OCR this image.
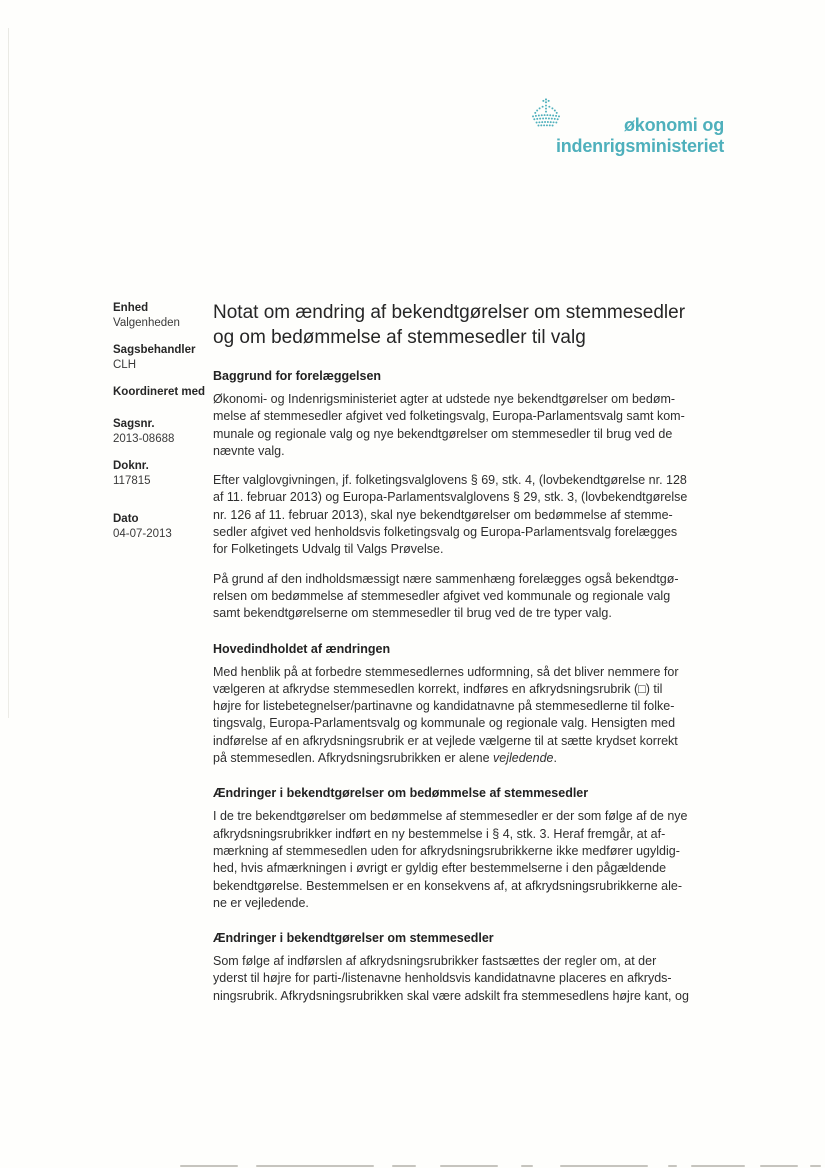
økonomi og
indenrigsministeriet
Enhed
Valgenheden
Sagsbehandler
CLH
Koordineret med
Sagsnr.
2013-08688
Doknr.
117815
Dato
04-07-2013
Notat om ændring af bekendtgørelser om stemmesedler
og om bedømmelse af stemmesedler til valg
Baggrund for forelæggelsen
Økonomi- og Indenrigsministeriet agter at udstede nye bekendtgørelser om bedøm-
melse af stemmesedler afgivet ved folketingsvalg, Europa-Parlamentsvalg samt kom-
munale og regionale valg og nye bekendtgørelser om stemmesedler til brug ved de
nævnte valg.
Efter valglovgivningen, jf. folketingsvalglovens § 69, stk. 4, (lovbekendtgørelse nr. 128
af 11. februar 2013) og Europa-Parlamentsvalglovens § 29, stk. 3, (lovbekendtgørelse
nr. 126 af 11. februar 2013), skal nye bekendtgørelser om bedømmelse af stemme-
sedler afgivet ved henholdsvis folketingsvalg og Europa-Parlamentsvalg forelægges
for Folketingets Udvalg til Valgs Prøvelse.
På grund af den indholdsmæssigt nære sammenhæng forelægges også bekendtgø-
relsen om bedømmelse af stemmesedler afgivet ved kommunale og regionale valg
samt bekendtgørelserne om stemmesedler til brug ved de tre typer valg.
Hovedindholdet af ændringen
Med henblik på at forbedre stemmesedlernes udformning, så det bliver nemmere for
vælgeren at afkrydse stemmesedlen korrekt, indføres en afkrydsningsrubrik (□) til
højre for listebetegnelser/partinavne og kandidatnavne på stemmesedlerne til folke-
tingsvalg, Europa-Parlamentsvalg og kommunale og regionale valg. Hensigten med
indførelse af en afkrydsningsrubrik er at vejlede vælgerne til at sætte krydset korrekt
på stemmesedlen. Afkrydsningsrubrikken er alene vejledende.
Ændringer i bekendtgørelser om bedømmelse af stemmesedler
I de tre bekendtgørelser om bedømmelse af stemmesedler er der som følge af de nye
afkrydsningsrubrikker indført en ny bestemmelse i § 4, stk. 3. Heraf fremgår, at af-
mærkning af stemmesedlen uden for afkrydsningsrubrikkerne ikke medfører ugyldig-
hed, hvis afmærkningen i øvrigt er gyldig efter bestemmelserne i den pågældende
bekendtgørelse. Bestemmelsen er en konsekvens af, at afkrydsningsrubrikkerne ale-
ne er vejledende.
Ændringer i bekendtgørelser om stemmesedler
Som følge af indførslen af afkrydsningsrubrikker fastsættes der regler om, at der
yderst til højre for parti-/listenavne henholdsvis kandidatnavne placeres en afkryds-
ningsrubrik. Afkrydsningsrubrikken skal være adskilt fra stemmesedlens højre kant, og
